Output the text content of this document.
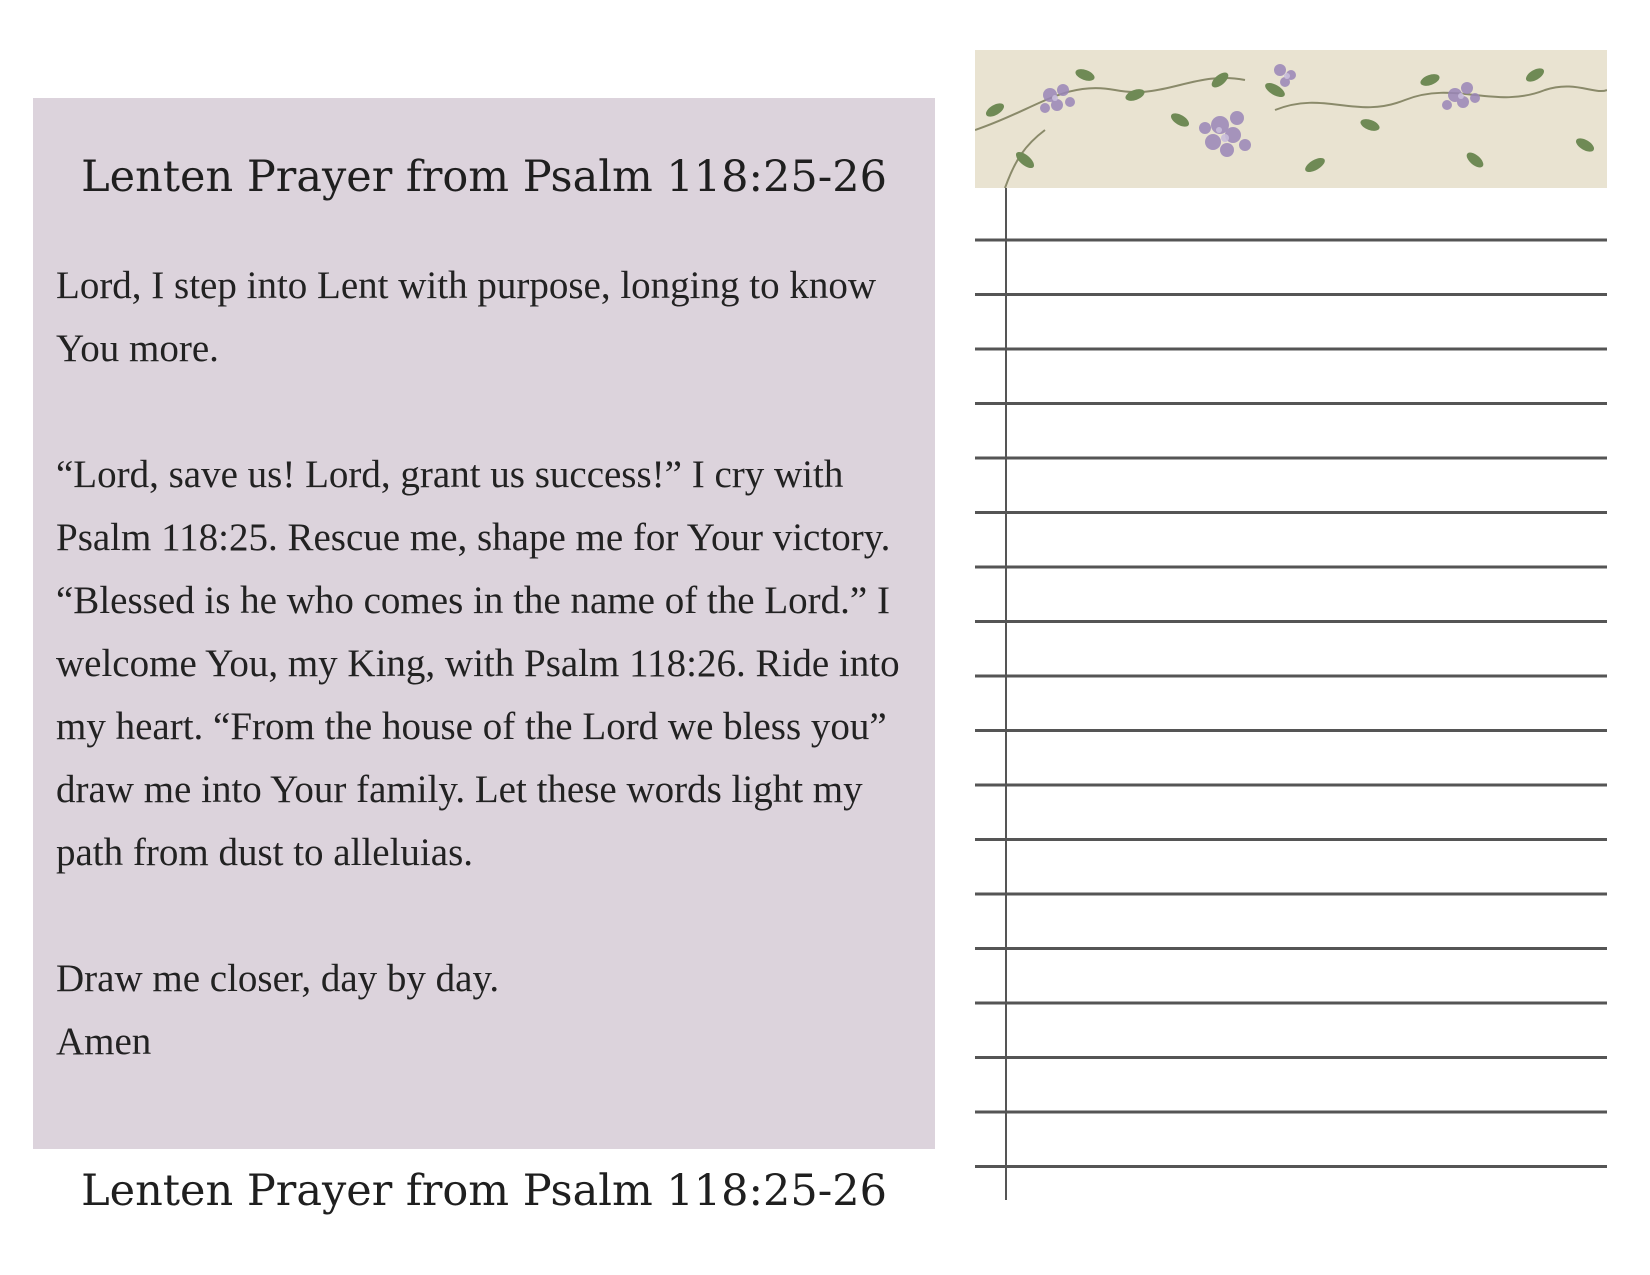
Lenten Prayer from Psalm 118:25-26

Lord, I step into Lent with purpose, longing to know You more.

“Lord, save us! Lord, grant us success!” I cry with Psalm 118:25. Rescue me, shape me for Your victory. “Blessed is he who comes in the name of the Lord.” I welcome You, my King, with Psalm 118:26. Ride into my heart. “From the house of the Lord we bless you” draw me into Your family. Let these words light my path from dust to alleluias.

Draw me closer, day by day.

Amen

Lenten Prayer from Psalm 118:25-26
